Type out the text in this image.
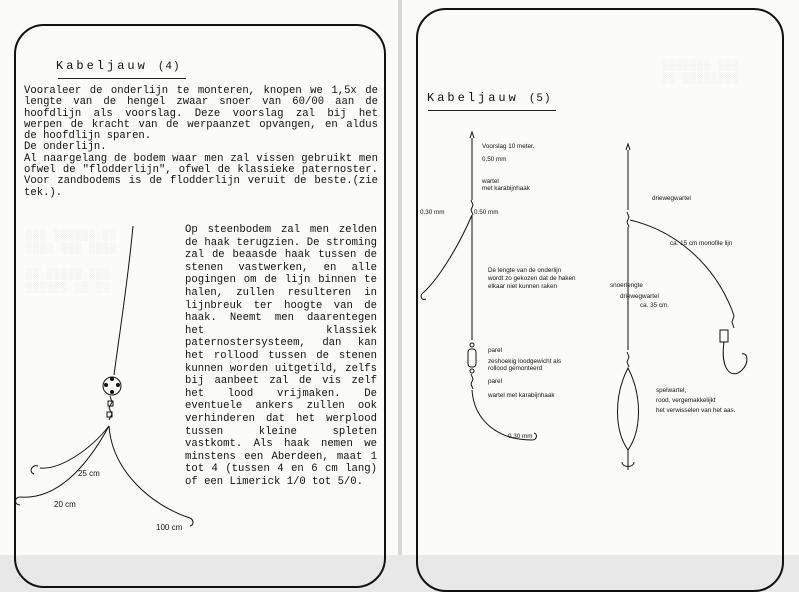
░░░ ░░░░░░ ░░
░░░░ ░░░ ░░░░

░░ ░░░░░ ░░░
░░░░░░ ░░ ░░
Kabeljauw (4)

Vooraleer de onderlijn te monteren, knopen we 1,5x de lengte van de hengel zwaar snoer van 60/00 aan de hoofdlijn als voorslag. Deze voorslag zal bij het werpen de kracht van de werpaanzet opvangen, en aldus de hoofdlijn sparen.

De onderlijn.

Al naargelang de bodem waar men zal vissen gebruikt men ofwel de "flodderlijn", ofwel de klassieke paternoster. Voor zandbodems is de flodderlijn veruit de beste.(zie tek.).

Op steenbodem zal men zelden de haak terugzien. De stroming zal de beaasde haak tussen de stenen vastwerken, en alle pogingen om de lijn binnen te halen, zullen resulteren in lijnbreuk ter hoogte van de haak. Neemt men daarentegen het klassiek paternostersysteem, dan kan het rollood tussen de stenen kunnen worden uitgetild, zelfs bij aanbeet zal de vis zelf het lood vrijmaken. De eventuele ankers zullen ook verhinderen dat het werplood tussen kleine spleten vastkomt. Als haak nemen we minstens een Aberdeen, maat 1 tot 4 (tussen 4 en 6 cm lang) of een Limerick 1/0 tot 5/0.
25 cm
20 cm
100 cm
░░░░░░░ ░░░
░░ ░░░░░░░░
Kabeljauw (5)
Voorslag 10 meter.
0.50 mm
wartel
met karabijnhaak
0.30 mm	0.50 mm
De lengte van de onderlijn
wordt zo gekozen dat de haken
elkaar niet kunnen raken
parel
zeshoekig loodgewicht als
rollood gemonteerd
parel
wartel met karabijnhaak
0.30 mm
driewegwartel
ca. 15 cm monofile lijn
snoerlengte
driewegwartel
ca. 35 cm.
spelwartel,
rood, vergemakkelijkt
het verwisselen van het aas.
